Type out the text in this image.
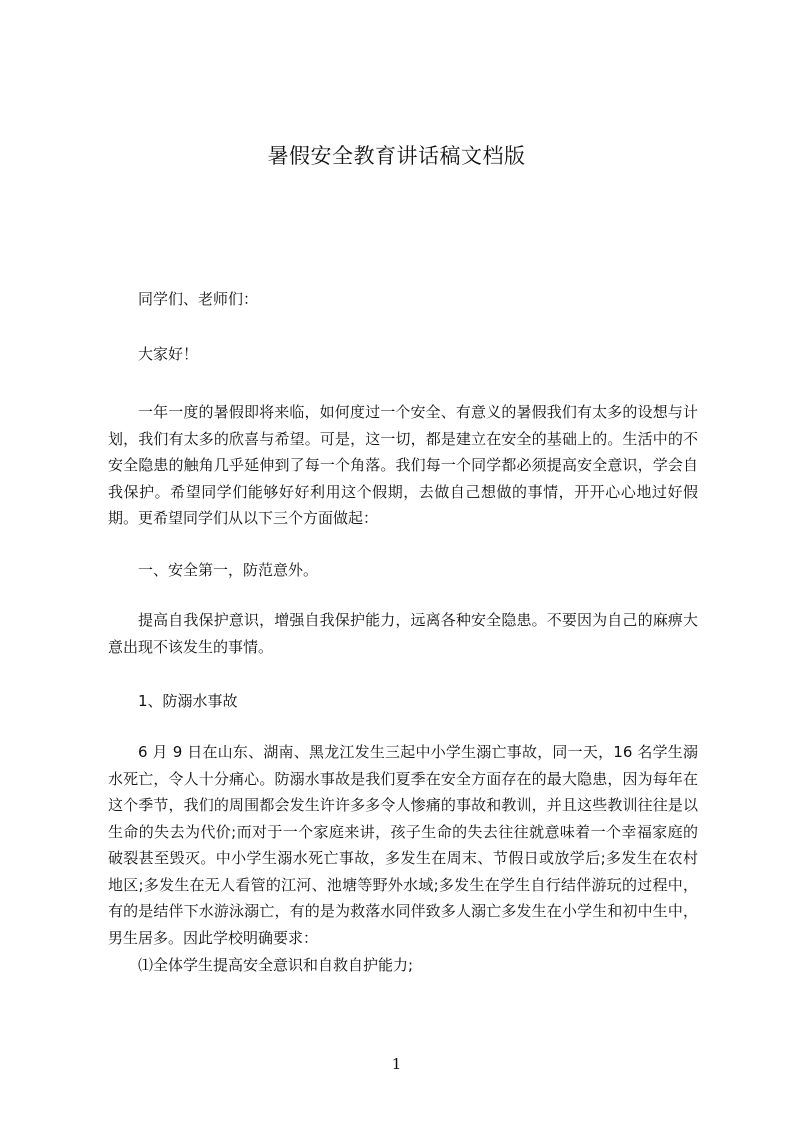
暑假安全教育讲话稿文档版

同学们、老师们：

大家好！

一年一度的暑假即将来临，如何度过一个安全、有意义的暑假我们有太多的设想与计划，我们有太多的欣喜与希望。可是，这一切，都是建立在安全的基础上的。生活中的不安全隐患的触角几乎延伸到了每一个角落。我们每一个同学都必须提高安全意识，学会自我保护。希望同学们能够好好利用这个假期，去做自己想做的事情，开开心心地过好假期。更希望同学们从以下三个方面做起：

一、安全第一，防范意外。

提高自我保护意识，增强自我保护能力，远离各种安全隐患。不要因为自己的麻痹大意出现不该发生的事情。

1、防溺水事故

6 月 9 日在山东、湖南、黑龙江发生三起中小学生溺亡事故，同一天，16 名学生溺水死亡，令人十分痛心。防溺水事故是我们夏季在安全方面存在的最大隐患，因为每年在这个季节，我们的周围都会发生许许多多令人惨痛的事故和教训，并且这些教训往往是以生命的失去为代价;而对于一个家庭来讲，孩子生命的失去往往就意味着一个幸福家庭的破裂甚至毁灭。中小学生溺水死亡事故，多发生在周末、节假日或放学后;多发生在农村地区;多发生在无人看管的江河、池塘等野外水域;多发生在学生自行结伴游玩的过程中，有的是结伴下水游泳溺亡，有的是为救落水同伴致多人溺亡多发生在小学生和初中生中，男生居多。因此学校明确要求：

⑴全体学生提高安全意识和自救自护能力;

1
